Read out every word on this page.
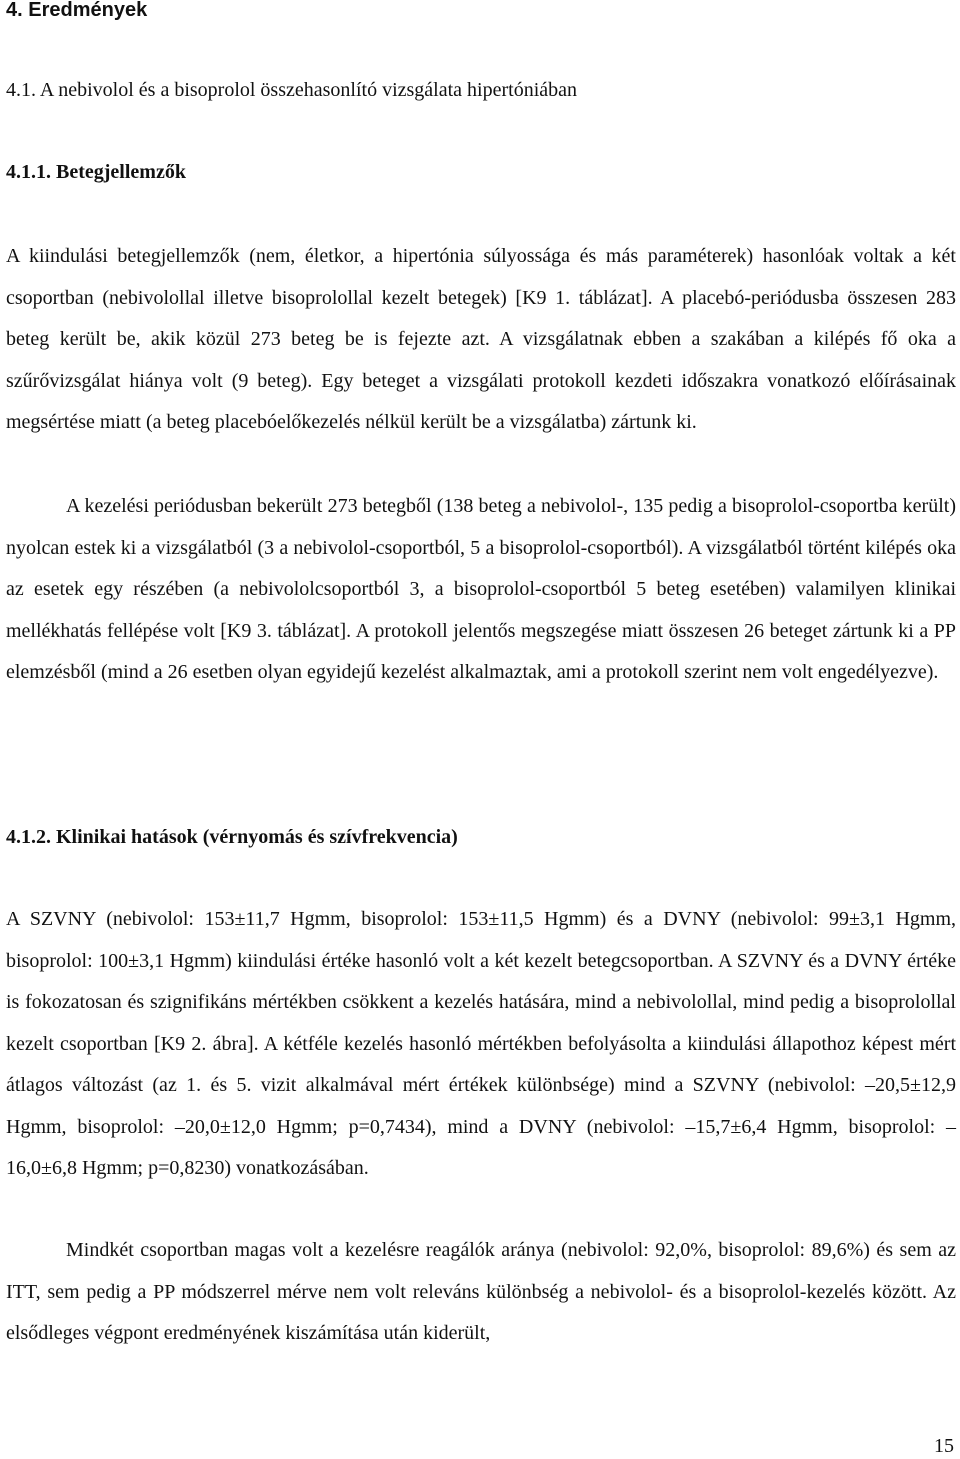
4. Eredmények
4.1. A nebivolol és a bisoprolol összehasonlító vizsgálata hipertóniában
4.1.1. Betegjellemzők

A kiindulási betegjellemzők (nem, életkor, a hipertónia súlyossága és más paraméterek) hasonlóak voltak a két csoportban (nebivolollal illetve bisoprolollal kezelt betegek) [K9 1. táblázat]. A placebó-periódusba összesen 283 beteg került be, akik közül 273 beteg be is fejezte azt. A vizsgálatnak ebben a szakában a kilépés fő oka a szűrővizsgálat hiánya volt (9 beteg). Egy beteget a vizsgálati protokoll kezdeti időszakra vonatkozó előírásainak megsértése miatt (a beteg placebóelőkezelés nélkül került be a vizsgálatba) zártunk ki.

A kezelési periódusban bekerült 273 betegből (138 beteg a nebivolol-, 135 pedig a bisoprolol-csoportba került) nyolcan estek ki a vizsgálatból (3 a nebivolol-csoportból, 5 a bisoprolol-csoportból). A vizsgálatból történt kilépés oka az esetek egy részében (a nebivololcsoportból 3, a bisoprolol-csoportból 5 beteg esetében) valamilyen klinikai mellékhatás fellépése volt [K9 3. táblázat]. A protokoll jelentős megszegése miatt összesen 26 beteget zártunk ki a PP elemzésből (mind a 26 esetben olyan egyidejű kezelést alkalmaztak, ami a protokoll szerint nem volt engedélyezve).

4.1.2. Klinikai hatások (vérnyomás és szívfrekvencia)

A SZVNY (nebivolol: 153±11,7 Hgmm, bisoprolol: 153±11,5 Hgmm) és a DVNY (nebivolol: 99±3,1 Hgmm, bisoprolol: 100±3,1 Hgmm) kiindulási értéke hasonló volt a két kezelt betegcsoportban. A SZVNY és a DVNY értéke is fokozatosan és szignifikáns mértékben csökkent a kezelés hatására, mind a nebivolollal, mind pedig a bisoprolollal kezelt csoportban [K9 2. ábra]. A kétféle kezelés hasonló mértékben befolyásolta a kiindulási állapothoz képest mért átlagos változást (az 1. és 5. vizit alkalmával mért értékek különbsége) mind a SZVNY (nebivolol: –20,5±12,9 Hgmm, bisoprolol: –20,0±12,0 Hgmm; p=0,7434), mind a DVNY (nebivolol: –15,7±6,4 Hgmm, bisoprolol: –16,0±6,8 Hgmm; p=0,8230) vonatkozásában.

Mindkét csoportban magas volt a kezelésre reagálók aránya (nebivolol: 92,0%, bisoprolol: 89,6%) és sem az ITT, sem pedig a PP módszerrel mérve nem volt releváns különbség a nebivolol- és a bisoprolol-kezelés között. Az elsődleges végpont eredményének kiszámítása után kiderült,

15
